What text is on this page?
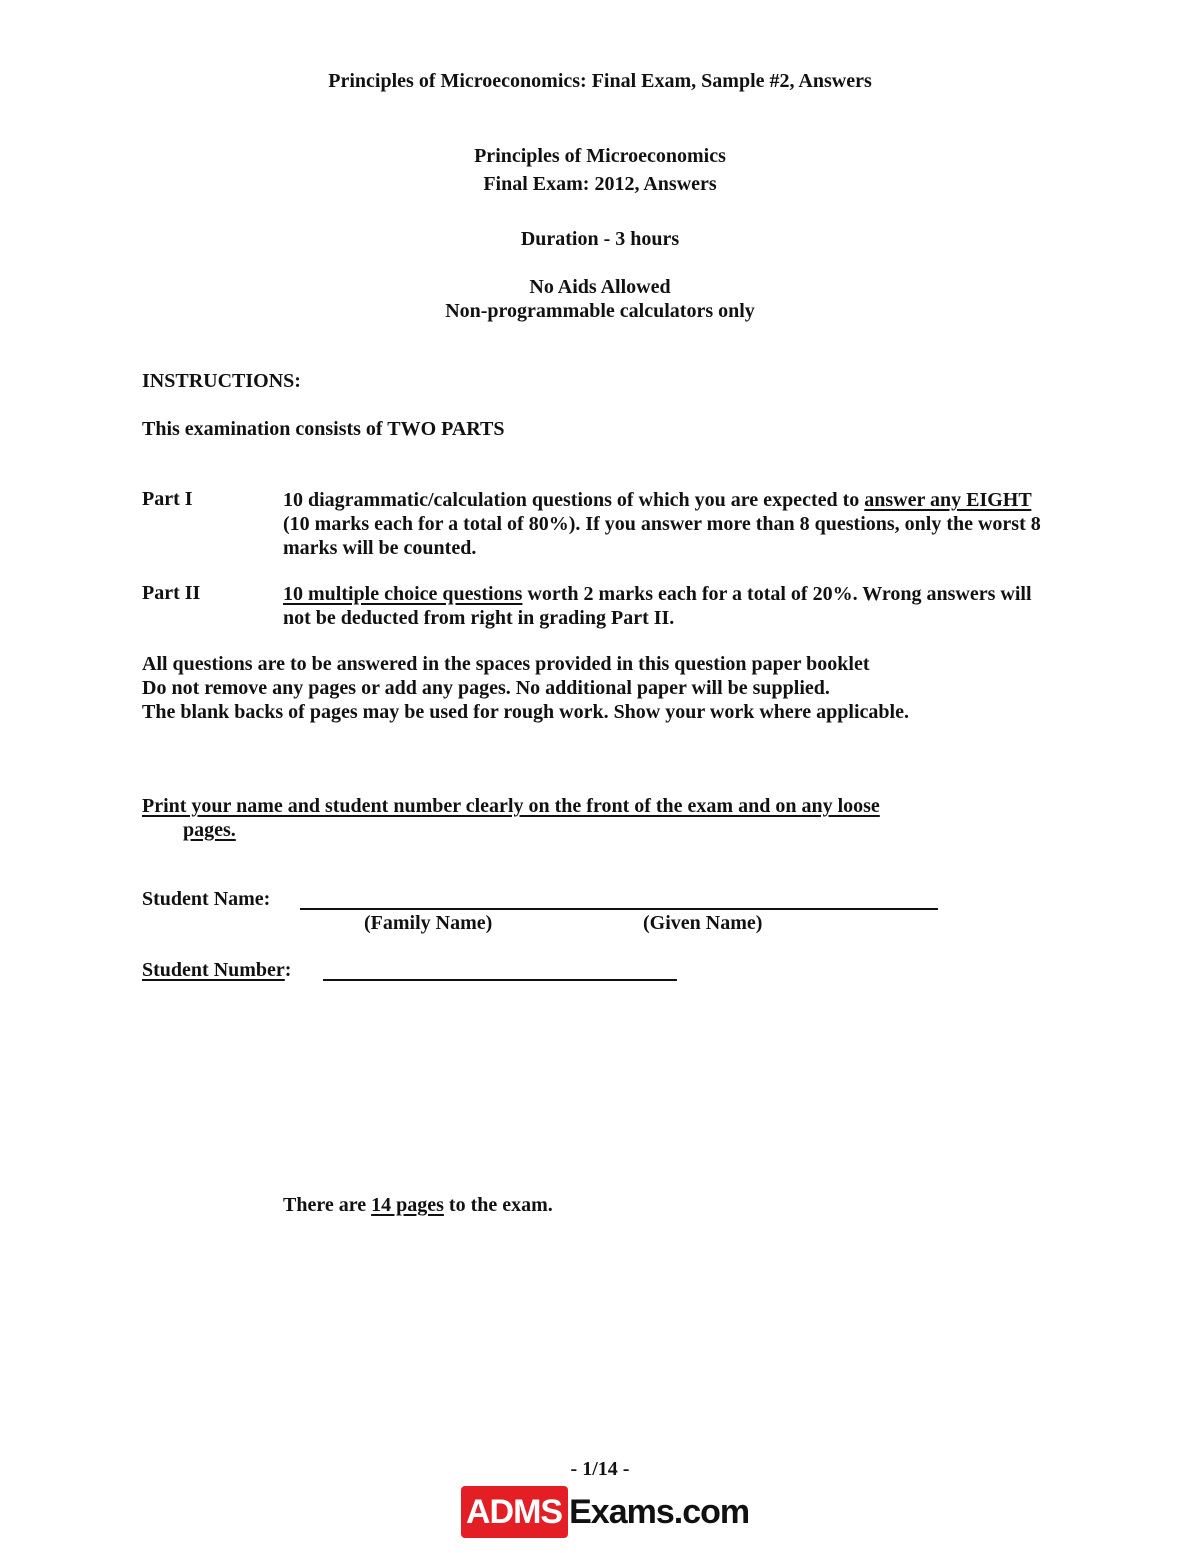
Principles of Microeconomics: Final Exam, Sample #2, Answers
Principles of Microeconomics
Final Exam: 2012, Answers
Duration - 3 hours
No Aids Allowed
Non-programmable calculators only
INSTRUCTIONS:
This examination consists of TWO PARTS
Part I	10 diagrammatic/calculation questions of which you are expected to answer any EIGHT (10 marks each for a total of 80%). If you answer more than 8 questions, only the worst 8 marks will be counted.
Part II	10 multiple choice questions worth 2 marks each for a total of 20%. Wrong answers will not be deducted from right in grading Part II.
All questions are to be answered in the spaces provided in this question paper booklet
Do not remove any pages or add any pages. No additional paper will be supplied.
The blank backs of pages may be used for rough work. Show your work where applicable.
Print your name and student number clearly on the front of the exam and on any loose
pages.
Student Name:
(Family Name)	(Given Name)
Student Number:
There are 14 pages to the exam.
- 1/14 -
ADMS Exams.com
